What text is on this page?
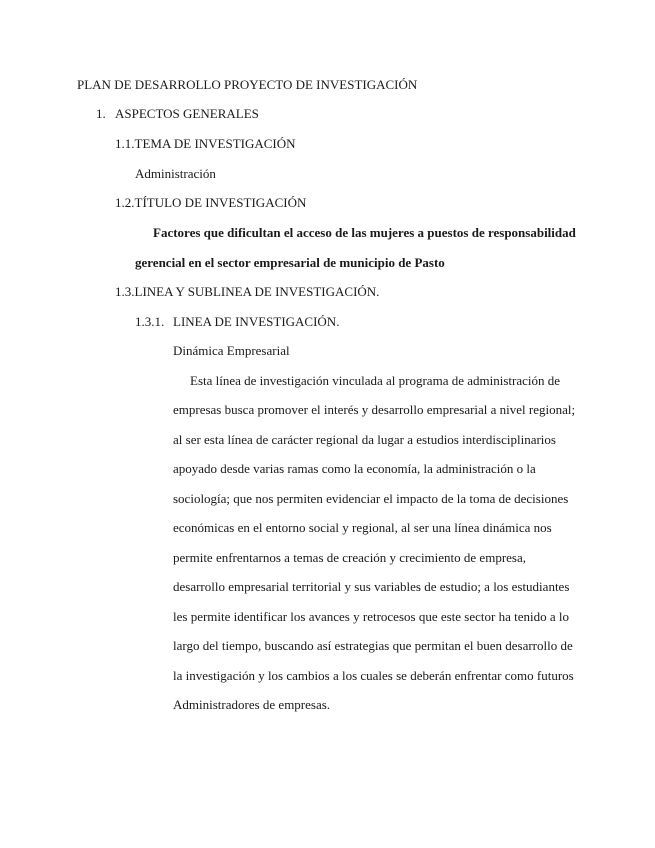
PLAN DE DESARROLLO PROYECTO DE INVESTIGACIÓN
1. ASPECTOS GENERALES
1.1.TEMA DE INVESTIGACIÓN
Administración
1.2.TÍTULO DE INVESTIGACIÓN
Factores que dificultan el acceso de las mujeres a puestos de responsabilidad
gerencial en el sector empresarial de municipio de Pasto
1.3.LINEA Y SUBLINEA DE INVESTIGACIÓN.
1.3.1. LINEA DE INVESTIGACIÓN.
Dinámica Empresarial
Esta línea de investigación vinculada al programa de administración de
empresas busca promover el interés y desarrollo empresarial a nivel regional;
al ser esta línea de carácter regional da lugar a estudios interdisciplinarios
apoyado desde varias ramas como la economía, la administración o la
sociología; que nos permiten evidenciar el impacto de la toma de decisiones
económicas en el entorno social y regional, al ser una línea dinámica nos
permite enfrentarnos a temas de creación y crecimiento de empresa,
desarrollo empresarial territorial y sus variables de estudio; a los estudiantes
les permite identificar los avances y retrocesos que este sector ha tenido a lo
largo del tiempo, buscando así estrategias que permitan el buen desarrollo de
la investigación y los cambios a los cuales se deberán enfrentar como futuros
Administradores de empresas.
